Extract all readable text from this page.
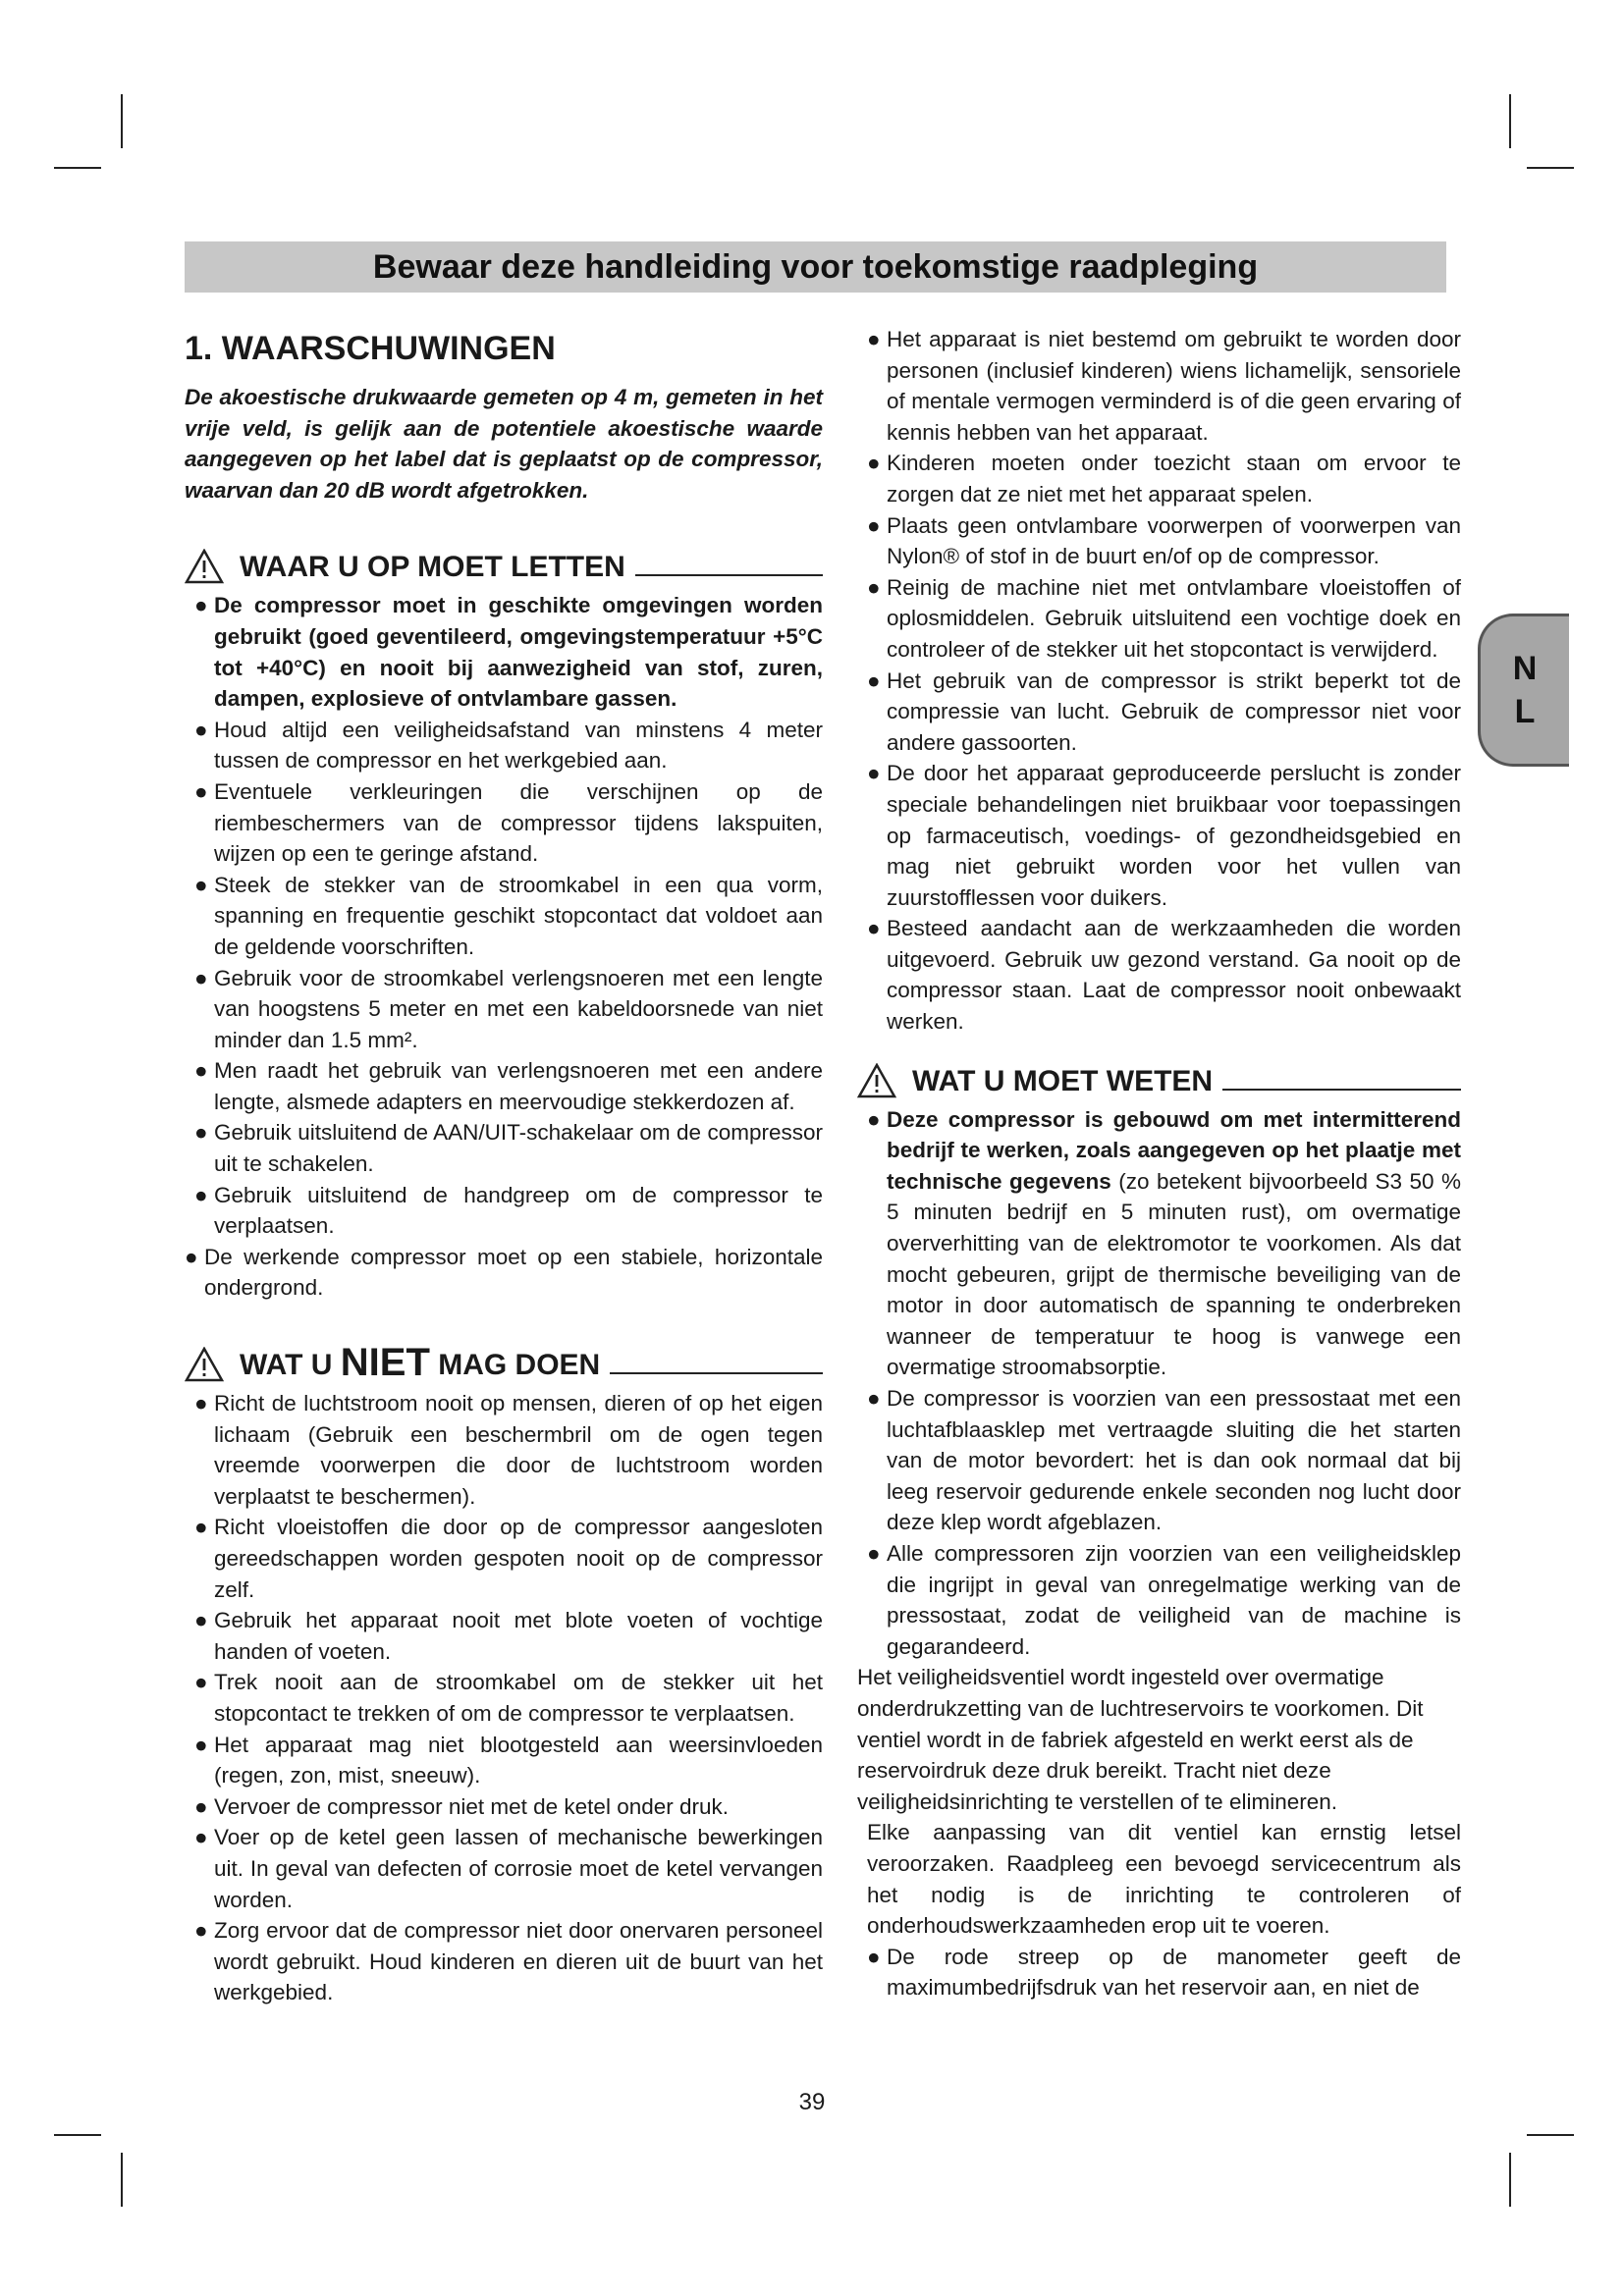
Bewaar deze handleiding voor toekomstige raadpleging
1. WAARSCHUWINGEN

De akoestische drukwaarde gemeten op 4 m, gemeten in het vrije veld, is gelijk aan de potentiele akoestische waarde aangegeven op het label dat is geplaatst op de compressor, waarvan dan 20 dB wordt afgetrokken.

WAAR U OP MOET LETTEN

● De compressor moet in geschikte omgevingen worden gebruikt (goed geventileerd, omgevingstemperatuur +5°C tot +40°C) en nooit bij aanwezigheid van stof, zuren, dampen, explosieve of ontvlambare gassen.

● Houd altijd een veiligheidsafstand van minstens 4 meter tussen de compressor en het werkgebied aan.

● Eventuele verkleuringen die verschijnen op de riembeschermers van de compressor tijdens lakspuiten, wijzen op een te geringe afstand.

● Steek de stekker van de stroomkabel in een qua vorm, spanning en frequentie geschikt stopcontact dat voldoet aan de geldende voorschriften.

● Gebruik voor de stroomkabel verlengsnoeren met een lengte van hoogstens 5 meter en met een kabeldoorsnede van niet minder dan 1.5 mm².

● Men raadt het gebruik van verlengsnoeren met een andere lengte, alsmede adapters en meervoudige stekkerdozen af.

● Gebruik uitsluitend de AAN/UIT-schakelaar om de compressor uit te schakelen.

● Gebruik uitsluitend de handgreep om de compressor te verplaatsen.

● De werkende compressor moet op een stabiele, horizontale ondergrond.

WAT U NIET MAG DOEN

● Richt de luchtstroom nooit op mensen, dieren of op het eigen lichaam (Gebruik een beschermbril om de ogen tegen vreemde voorwerpen die door de luchtstroom worden verplaatst te beschermen).

● Richt vloeistoffen die door op de compressor aangesloten gereedschappen worden gespoten nooit op de compressor zelf.

● Gebruik het apparaat nooit met blote voeten of vochtige handen of voeten.

● Trek nooit aan de stroomkabel om de stekker uit het stopcontact te trekken of om de compressor te verplaatsen.

● Het apparaat mag niet blootgesteld aan weersinvloeden (regen, zon, mist, sneeuw).

● Vervoer de compressor niet met de ketel onder druk.

● Voer op de ketel geen lassen of mechanische bewerkingen uit. In geval van defecten of corrosie moet de ketel vervangen worden.

● Zorg ervoor dat de compressor niet door onervaren personeel wordt gebruikt. Houd kinderen en dieren uit de buurt van het werkgebied.

● Het apparaat is niet bestemd om gebruikt te worden door personen (inclusief kinderen) wiens lichamelijk, sensoriele of mentale vermogen verminderd is of die geen ervaring of kennis hebben van het apparaat.

● Kinderen moeten onder toezicht staan om ervoor te zorgen dat ze niet met het apparaat spelen.

● Plaats geen ontvlambare voorwerpen of voorwerpen van Nylon® of stof in de buurt en/of op de compressor.

● Reinig de machine niet met ontvlambare vloeistoffen of oplosmiddelen. Gebruik uitsluitend een vochtige doek en controleer of de stekker uit het stopcontact is verwijderd.

● Het gebruik van de compressor is strikt beperkt tot de compressie van lucht. Gebruik de compressor niet voor andere gassoorten.

● De door het apparaat geproduceerde perslucht is zonder speciale behandelingen niet bruikbaar voor toepassingen op farmaceutisch, voedings- of gezondheidsgebied en mag niet gebruikt worden voor het vullen van zuurstofflessen voor duikers.

● Besteed aandacht aan de werkzaamheden die worden uitgevoerd. Gebruik uw gezond verstand. Ga nooit op de compressor staan. Laat de compressor nooit onbewaakt werken.

WAT U MOET WETEN

● Deze compressor is gebouwd om met intermitterend bedrijf te werken, zoals aangegeven op het plaatje met technische gegevens (zo betekent bijvoorbeeld S3 50 % 5 minuten bedrijf en 5 minuten rust), om overmatige oververhitting van de elektromotor te voorkomen. Als dat mocht gebeuren, grijpt de thermische beveiliging van de motor in door automatisch de spanning te onderbreken wanneer de temperatuur te hoog is vanwege een overmatige stroomabsorptie.

● De compressor is voorzien van een pressostaat met een luchtafblaasklep met vertraagde sluiting die het starten van de motor bevordert: het is dan ook normaal dat bij leeg reservoir gedurende enkele seconden nog lucht door deze klep wordt afgeblazen.

● Alle compressoren zijn voorzien van een veiligheidsklep die ingrijpt in geval van onregelmatige werking van de pressostaat, zodat de veiligheid van de machine is gegarandeerd.

Het veiligheidsventiel wordt ingesteld over overmatige onderdrukzetting van de luchtreservoirs te voorkomen. Dit ventiel wordt in de fabriek afgesteld en werkt eerst als de reservoirdruk deze druk bereikt. Tracht niet deze veiligheidsinrichting te verstellen of te elimineren.

Elke aanpassing van dit ventiel kan ernstig letsel veroorzaken. Raadpleeg een bevoegd servicecentrum als het nodig is de inrichting te controleren of onderhoudswerkzaamheden erop uit te voeren.

● De rode streep op de manometer geeft de maximumbedrijfsdruk van het reservoir aan, en niet de

N
L
39
